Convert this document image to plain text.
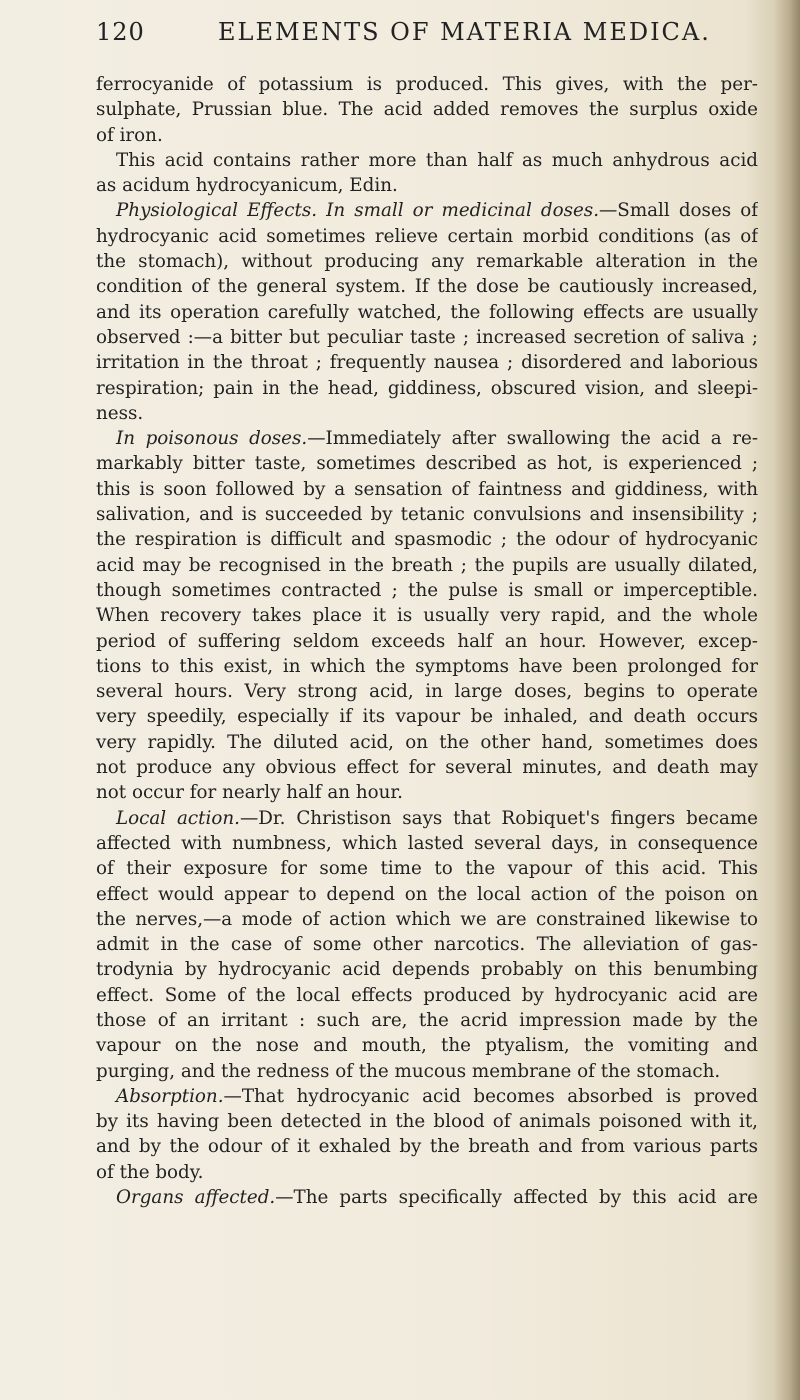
120	ELEMENTS OF MATERIA MEDICA.
ferrocyanide of potassium is produced. This gives, with the per-
sulphate, Prussian blue. The acid added removes the surplus oxide
of iron.
This acid contains rather more than half as much anhydrous acid
as acidum hydrocyanicum, Edin.
Physiological Effects. In small or medicinal doses.—Small doses of
hydrocyanic acid sometimes relieve certain morbid conditions (as of
the stomach), without producing any remarkable alteration in the
condition of the general system. If the dose be cautiously increased,
and its operation carefully watched, the following effects are usually
observed :—a bitter but peculiar taste ; increased secretion of saliva ;
irritation in the throat ; frequently nausea ; disordered and laborious
respiration; pain in the head, giddiness, obscured vision, and sleepi-
ness.
In poisonous doses.—Immediately after swallowing the acid a re-
markably bitter taste, sometimes described as hot, is experienced ;
this is soon followed by a sensation of faintness and giddiness, with
salivation, and is succeeded by tetanic convulsions and insensibility ;
the respiration is difficult and spasmodic ; the odour of hydrocyanic
acid may be recognised in the breath ; the pupils are usually dilated,
though sometimes contracted ; the pulse is small or imperceptible.
When recovery takes place it is usually very rapid, and the whole
period of suffering seldom exceeds half an hour. However, excep-
tions to this exist, in which the symptoms have been prolonged for
several hours. Very strong acid, in large doses, begins to operate
very speedily, especially if its vapour be inhaled, and death occurs
very rapidly. The diluted acid, on the other hand, sometimes does
not produce any obvious effect for several minutes, and death may
not occur for nearly half an hour.
Local action.—Dr. Christison says that Robiquet's fingers became
affected with numbness, which lasted several days, in consequence
of their exposure for some time to the vapour of this acid. This
effect would appear to depend on the local action of the poison on
the nerves,—a mode of action which we are constrained likewise to
admit in the case of some other narcotics. The alleviation of gas-
trodynia by hydrocyanic acid depends probably on this benumbing
effect. Some of the local effects produced by hydrocyanic acid are
those of an irritant : such are, the acrid impression made by the
vapour on the nose and mouth, the ptyalism, the vomiting and
purging, and the redness of the mucous membrane of the stomach.
Absorption.—That hydrocyanic acid becomes absorbed is proved
by its having been detected in the blood of animals poisoned with it,
and by the odour of it exhaled by the breath and from various parts
of the body.
Organs affected.—The parts specifically affected by this acid are
